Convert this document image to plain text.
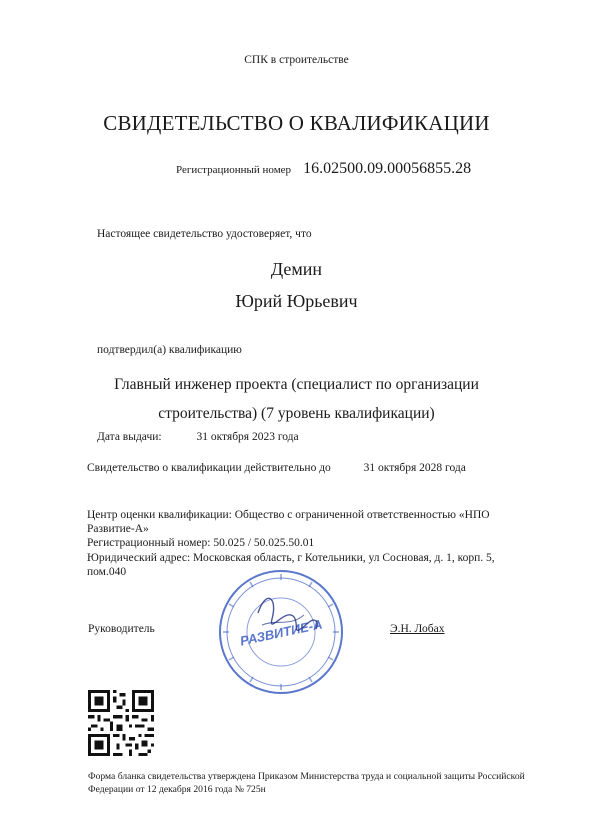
СПК в строительстве
СВИДЕТЕЛЬСТВО О КВАЛИФИКАЦИИ
Регистрационный номер 16.02500.09.00056855.28
Настоящее свидетельство удостоверяет, что
Демин
Юрий Юрьевич
подтвердил(а) квалификацию
Главный инженер проекта (специалист по организации
строительства) (7 уровень квалификации)
Дата выдачи:	31 октября 2023 года
Свидетельство о квалификации действительно до	31 октября 2028 года
Центр оценки квалификации: Общество с ограниченной ответственностью «НПО Развитие-А»
Регистрационный номер: 50.025 / 50.025.50.01
Юридический адрес: Московская область, г Котельники, ул Сосновая, д. 1, корп. 5, пом.040
РАЗВИТИЕ-А
Руководитель	Э.Н. Лобах
Форма бланка свидетельства утверждена Приказом Министерства труда и социальной защиты Российской Федерации от 12 декабря 2016 года № 725н
